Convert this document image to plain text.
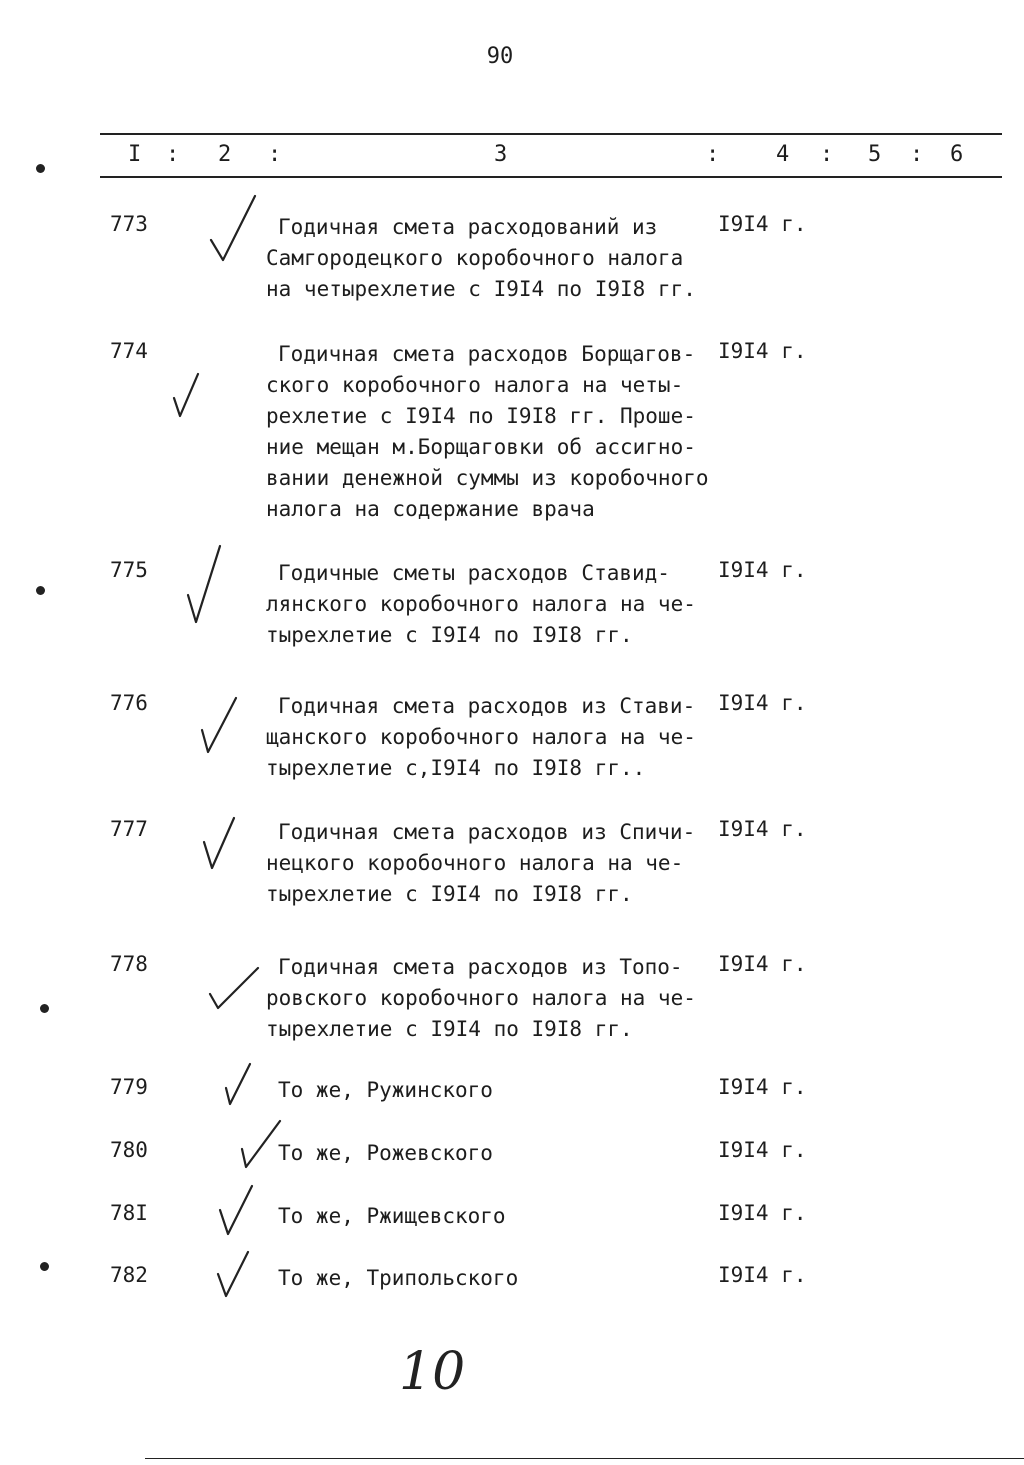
90
I : 2 :	3	:	4 : 5 : 6
773	Годичная смета расходований из
Самгородецкого коробочного налога
на четырехлетие с I9I4 по I9I8 гг.
I9I4 г.
774	Годичная смета расходов Борщагов-
ского коробочного налога на четы-
рехлетие с I9I4 по I9I8 гг. Проше-
ние мещан м.Борщаговки об ассигно-
вании денежной суммы из коробочного
налога на содержание врача
I9I4 г.
775	Годичные сметы расходов Ставид-
лянского коробочного налога на че-
тырехлетие с I9I4 по I9I8 гг.
I9I4 г.
776	Годичная смета расходов из Стави-
щанского коробочного налога на че-
тырехлетие с,I9I4 по I9I8 гг..
I9I4 г.
777	Годичная смета расходов из Спичи-
нецкого коробочного налога на че-
тырехлетие с I9I4 по I9I8 гг.
I9I4 г.
778	Годичная смета расходов из Топо-
ровского коробочного налога на че-
тырехлетие с I9I4 по I9I8 гг.
I9I4 г.
779	То же, Ружинского	I9I4 г.
780	То же, Рожевского	I9I4 г.
78I	То же, Ржищевского	I9I4 г.
782	То же, Трипольского	I9I4 г.
10
